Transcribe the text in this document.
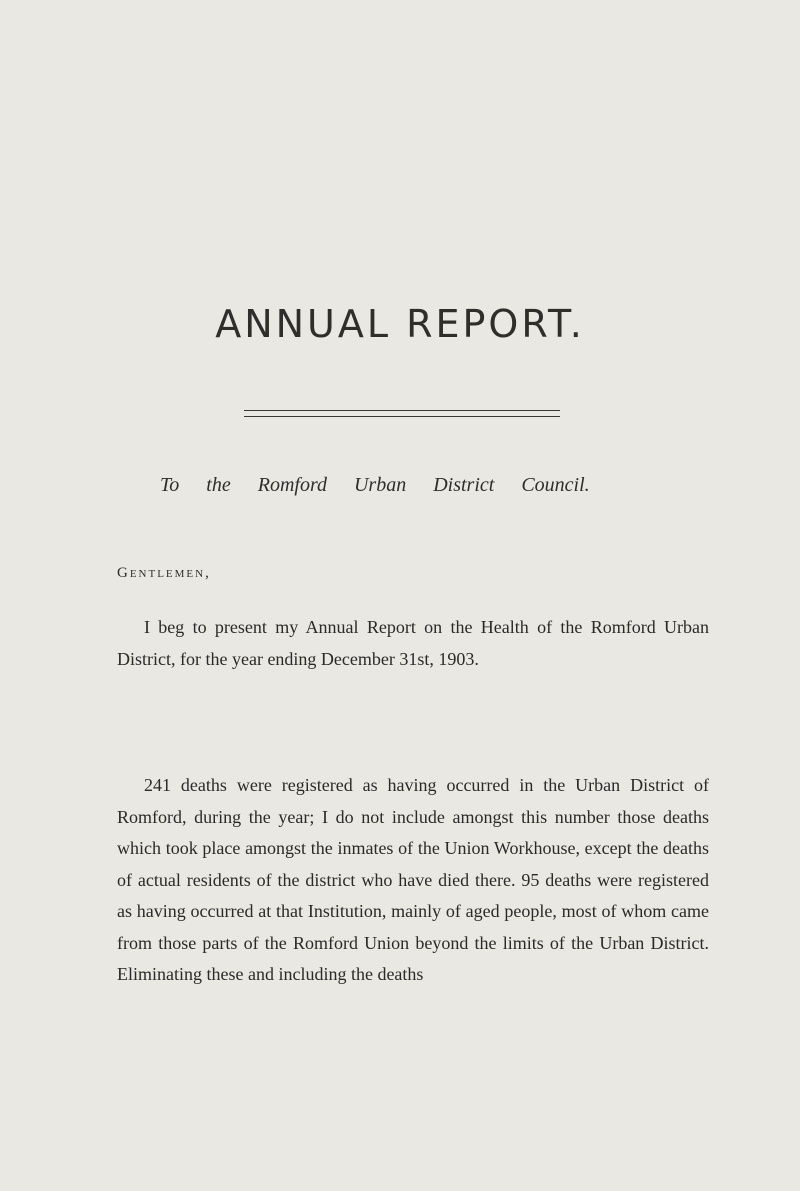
ANNUAL REPORT.
To the Romford Urban District Council.
Gentlemen,

I beg to present my Annual Report on the Health of the Romford Urban District, for the year ending December 31st, 1903.

241 deaths were registered as having occurred in the Urban District of Romford, during the year; I do not include amongst this number those deaths which took place amongst the inmates of the Union Workhouse, except the deaths of actual residents of the district who have died there. 95 deaths were registered as having occurred at that Institution, mainly of aged people, most of whom came from those parts of the Romford Union beyond the limits of the Urban District. Eliminating these and including the deaths
